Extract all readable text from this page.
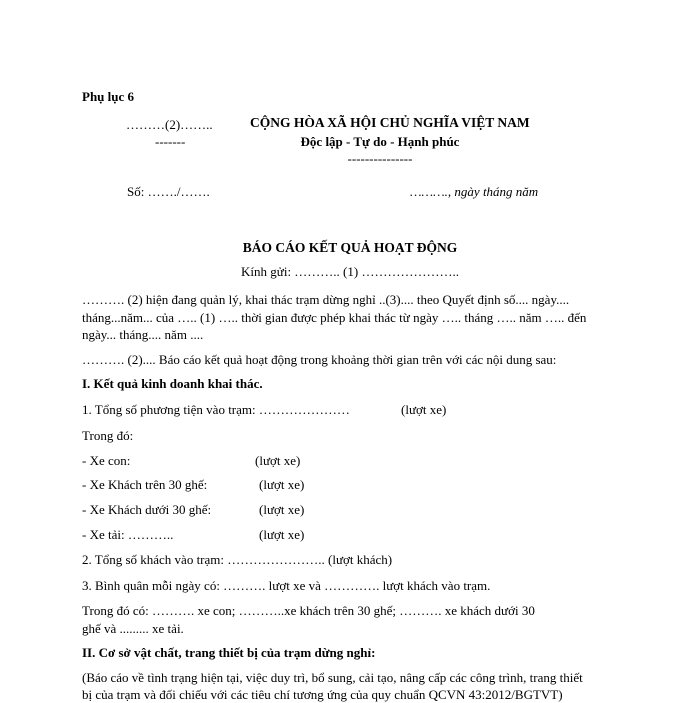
Phụ lục 6
………(2)……..
-------
CỘNG HÒA XÃ HỘI CHỦ NGHĨA VIỆT NAM
Độc lập - Tự do - Hạnh phúc
---------------
Số: ……./…….	………., ngày tháng năm
BÁO CÁO KẾT QUẢ HOẠT ĐỘNG
Kính gửi: ……….. (1) …………………..
………. (2) hiện đang quản lý, khai thác trạm dừng nghỉ ..(3).... theo Quyết định số.... ngày....
tháng...năm... của ….. (1) ….. thời gian được phép khai thác từ ngày ….. tháng ….. năm ….. đến
ngày... tháng.... năm ....
………. (2).... Báo cáo kết quả hoạt động trong khoảng thời gian trên với các nội dung sau:
I. Kết quả kinh doanh khai thác.
1. Tổng số phương tiện vào trạm: …………………	(lượt xe)
Trong đó:
- Xe con:	(lượt xe)
- Xe Khách trên 30 ghế:	(lượt xe)
- Xe Khách dưới 30 ghế:	(lượt xe)
- Xe tải: ………..	(lượt xe)
2. Tổng số khách vào trạm: ………………….. (lượt khách)
3. Bình quân mỗi ngày có: ………. lượt xe và …………. lượt khách vào trạm.
Trong đó có: ………. xe con; ………..xe khách trên 30 ghế; ………. xe khách dưới 30
ghế và ......... xe tải.
II. Cơ sở vật chất, trang thiết bị của trạm dừng nghỉ:
(Báo cáo về tình trạng hiện tại, việc duy trì, bổ sung, cải tạo, nâng cấp các công trình, trang thiết
bị của trạm và đối chiếu với các tiêu chí tương ứng của quy chuẩn QCVN 43:2012/BGTVT)
